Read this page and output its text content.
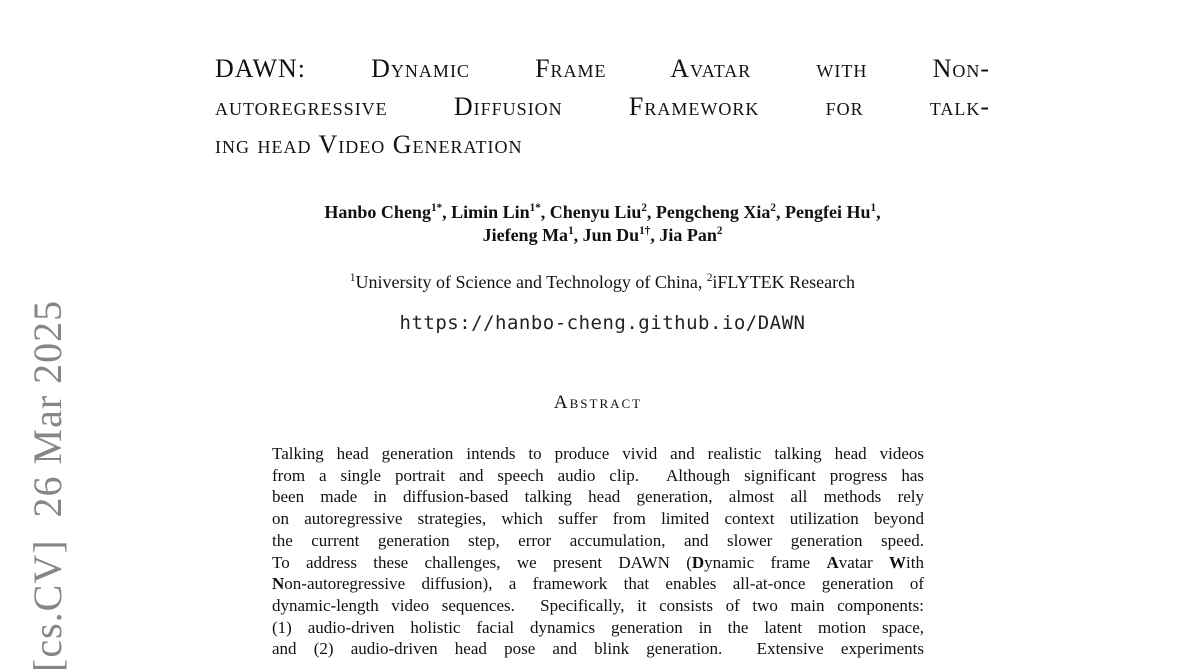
[cs.CV]  26 Mar 2025
DAWN: Dynamic Frame Avatar with Non-
autoregressive Diffusion Framework for talk-
ing head Video Generation
Hanbo Cheng$^{1*}$, Limin Lin$^{1*}$, Chenyu Liu$^2$, Pengcheng Xia$^2$, Pengfei Hu$^1$,
Jiefeng Ma$^1$, Jun $Du^{1\dagger}$, Jia Pan$^2$
$^1$University of Science and Technology of China, $^2$iFLYTEK Research
https://hanbo-cheng.github.io/DAWN
Abstract
Talking head generation intends to produce vivid and realistic talking head videos
from a single portrait and speech audio clip.  Although significant progress has
been made in diffusion-based talking head generation, almost all methods rely
on autoregressive strategies, which suffer from limited context utilization beyond
the current generation step, error accumulation, and slower generation speed.
To address these challenges, we present DAWN (Dynamic frame Avatar With
Non-autoregressive diffusion), a framework that enables all-at-once generation of
dynamic-length video sequences.  Specifically, it consists of two main components:
(1) audio-driven holistic facial dynamics generation in the latent motion space,
and (2) audio-driven head pose and blink generation.  Extensive experiments
